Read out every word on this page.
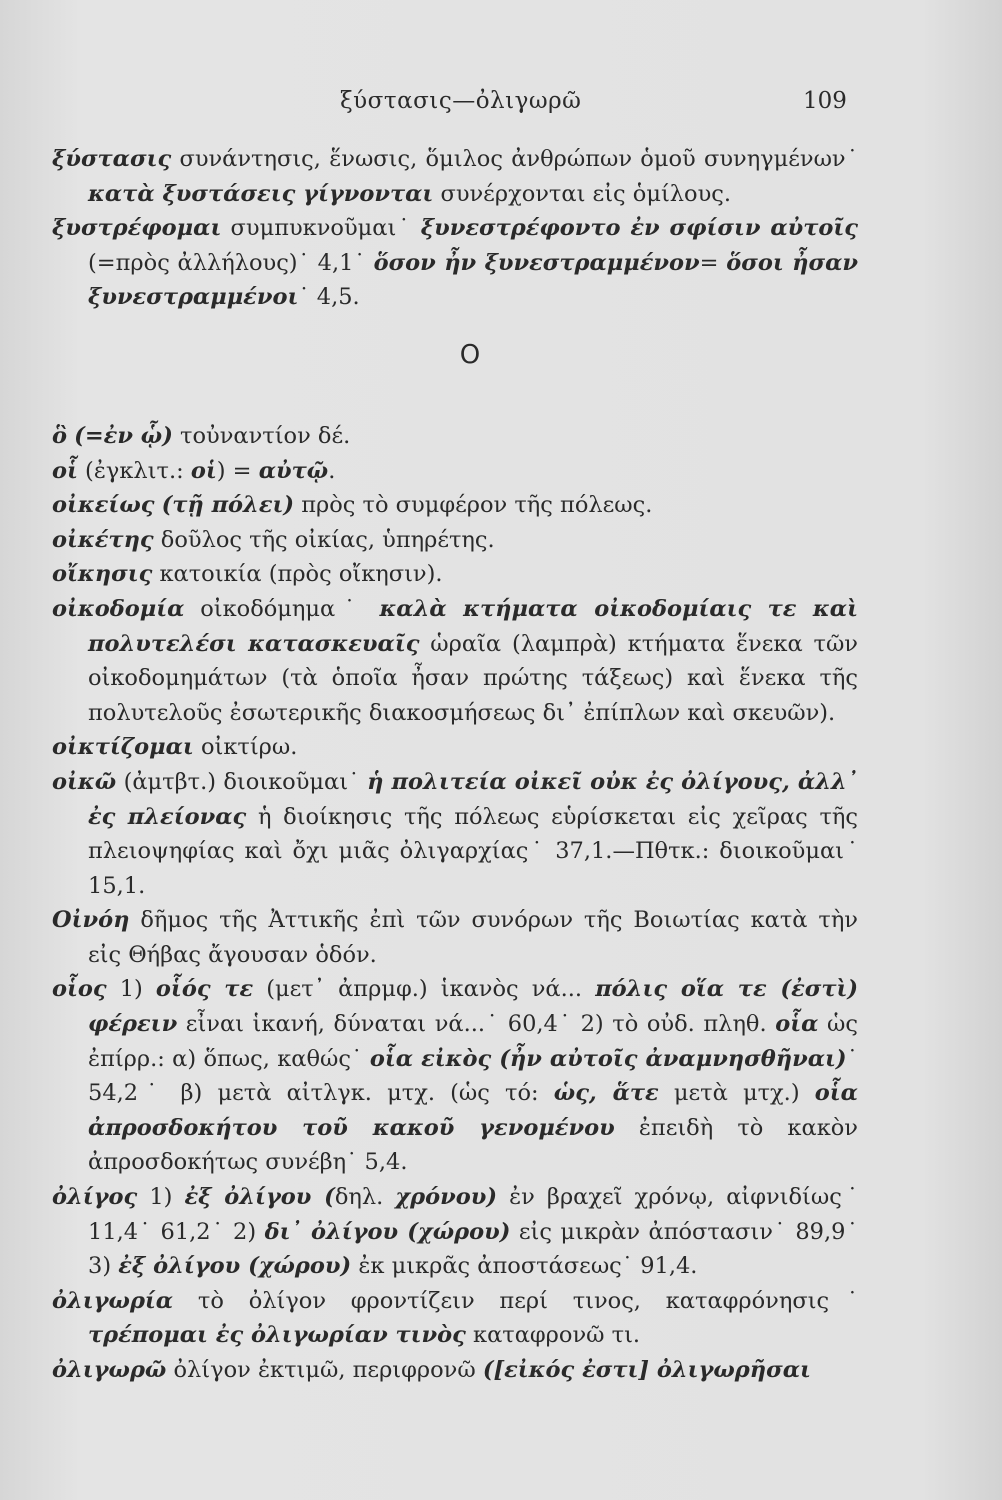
ξύστασις—ὀλιγωρῶ	109

ξύστασις συνάντησις, ἕνωσις, ὅμιλος ἀνθρώπων ὁμοῦ συνηγμένων˙ κατὰ ξυστάσεις γίγνονται συνέρχονται εἰς ὁμίλους.

ξυστρέφομαι συμπυκνοῦμαι˙ ξυνεστρέφοντο ἐν σφίσιν αὐτοῖς (=πρὸς ἀλλήλους)˙ 4,1˙ ὅσον ἦν ξυνεστραμμένον= ὅσοι ἦσαν ξυνεστραμμένοι˙ 4,5.

Ο

ὃ (=ἐν ᾧ) τοὐναντίον δέ.

οἷ (ἐγκλιτ.: οἱ) = αὐτῷ.

οἰκείως (τῇ πόλει) πρὸς τὸ συμφέρον τῆς πόλεως.

οἰκέτης δοῦλος τῆς οἰκίας, ὑπηρέτης.

οἴκησις κατοικία (πρὸς οἴκησιν).

οἰκοδομία οἰκοδόμημα˙ καλὰ κτήματα οἰκοδομίαις τε καὶ πολυτελέσι κατασκευαῖς ὡραῖα (λαμπρὰ) κτήματα ἕνεκα τῶν οἰκοδομημάτων (τὰ ὁποῖα ἦσαν πρώτης τάξεως) καὶ ἕνεκα τῆς πολυτελοῦς ἐσωτερικῆς διακοσμήσεως δι᾿ ἐπίπλων καὶ σκευῶν).

οἰκτίζομαι οἰκτίρω.

οἰκῶ (ἀμτβτ.) διοικοῦμαι˙ ἡ πολιτεία οἰκεῖ οὐκ ἐς ὀλίγους, ἀλλ᾿ ἐς πλείονας ἡ διοίκησις τῆς πόλεως εὑρίσκεται εἰς χεῖρας τῆς πλειοψηφίας καὶ ὄχι μιᾶς ὀλιγαρχίας˙ 37,1.—Πθτκ.: διοικοῦμαι˙ 15,1.

Οἰνόη δῆμος τῆς Ἀττικῆς ἐπὶ τῶν συνόρων τῆς Βοιωτίας κατὰ τὴν εἰς Θήβας ἄγουσαν ὁδόν.

οἷος 1) οἷός τε (μετ᾿ ἀπρμφ.) ἱκανὸς νά... πόλις οἵα τε (ἐστὶ) φέρειν εἶναι ἱκανή, δύναται νά...˙ 60,4˙ 2) τὸ οὐδ. πληθ. οἷα ὡς ἐπίρρ.: α) ὅπως, καθώς˙ οἷα εἰκὸς (ἦν αὐτοῖς ἀναμνησθῆναι)˙ 54,2˙ β) μετὰ αἰτλγκ. μτχ. (ὡς τό: ὡς, ἅτε μετὰ μτχ.) οἷα ἀπροσδοκήτου τοῦ κακοῦ γενομένου ἐπειδὴ τὸ κακὸν ἀπροσδοκήτως συνέβη˙ 5,4.

ὀλίγος 1) ἐξ ὀλίγου (δηλ. χρόνου) ἐν βραχεῖ χρόνῳ, αἰφνιδίως˙ 11,4˙ 61,2˙ 2) δι᾿ ὀλίγου (χώρου) εἰς μικρὰν ἀπόστασιν˙ 89,9˙ 3) ἐξ ὀλίγου (χώρου) ἐκ μικρᾶς ἀποστάσεως˙ 91,4.

ὀλιγωρία τὸ ὀλίγον φροντίζειν περί τινος, καταφρόνησις˙ τρέπομαι ἐς ὀλιγωρίαν τινὸς καταφρονῶ τι.

ὀλιγωρῶ ὀλίγον ἐκτιμῶ, περιφρονῶ ([εἰκός ἐστι] ὀλιγωρῆσαι
